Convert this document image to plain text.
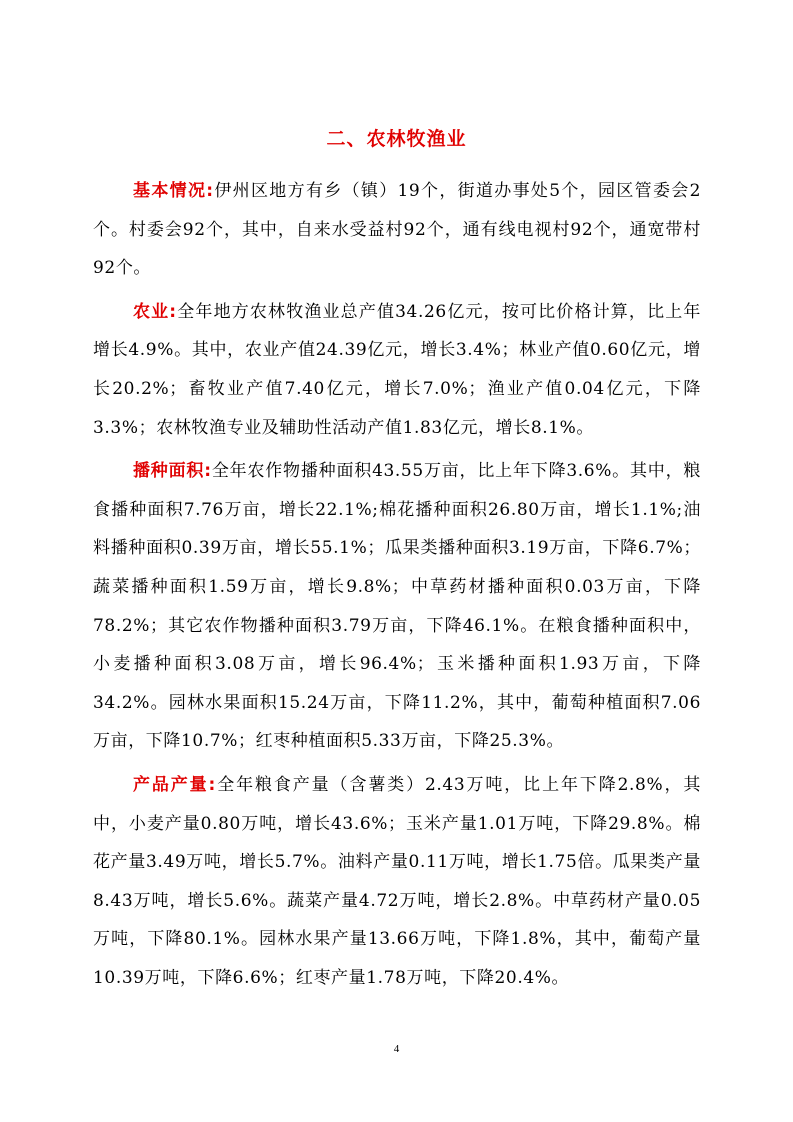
二、农林牧渔业

基本情况:伊州区地方有乡（镇）19个，街道办事处5个，园区管委会2个。村委会92个，其中，自来水受益村92个，通有线电视村92个，通宽带村92个。

农业:全年地方农林牧渔业总产值34.26亿元，按可比价格计算，比上年增长4.9%。其中，农业产值24.39亿元，增长3.4%；林业产值0.60亿元，增长20.2%；畜牧业产值7.40亿元，增长7.0%；渔业产值0.04亿元，下降3.3%；农林牧渔专业及辅助性活动产值1.83亿元，增长8.1%。

播种面积:全年农作物播种面积43.55万亩，比上年下降3.6%。其中，粮食播种面积7.76万亩，增长22.1%;棉花播种面积26.80万亩，增长1.1%;油料播种面积0.39万亩，增长55.1%；瓜果类播种面积3.19万亩，下降6.7%；蔬菜播种面积1.59万亩，增长9.8%；中草药材播种面积0.03万亩，下降78.2%；其它农作物播种面积3.79万亩，下降46.1%。在粮食播种面积中，小麦播种面积3.08万亩，增长96.4%；玉米播种面积1.93万亩，下降34.2%。园林水果面积15.24万亩，下降11.2%，其中，葡萄种植面积7.06万亩，下降10.7%；红枣种植面积5.33万亩，下降25.3%。

产品产量:全年粮食产量（含薯类）2.43万吨，比上年下降2.8%，其中，小麦产量0.80万吨，增长43.6%；玉米产量1.01万吨，下降29.8%。棉花产量3.49万吨，增长5.7%。油料产量0.11万吨，增长1.75倍。瓜果类产量8.43万吨，增长5.6%。蔬菜产量4.72万吨，增长2.8%。中草药材产量0.05万吨，下降80.1%。园林水果产量13.66万吨，下降1.8%，其中，葡萄产量10.39万吨，下降6.6%；红枣产量1.78万吨，下降20.4%。

4
